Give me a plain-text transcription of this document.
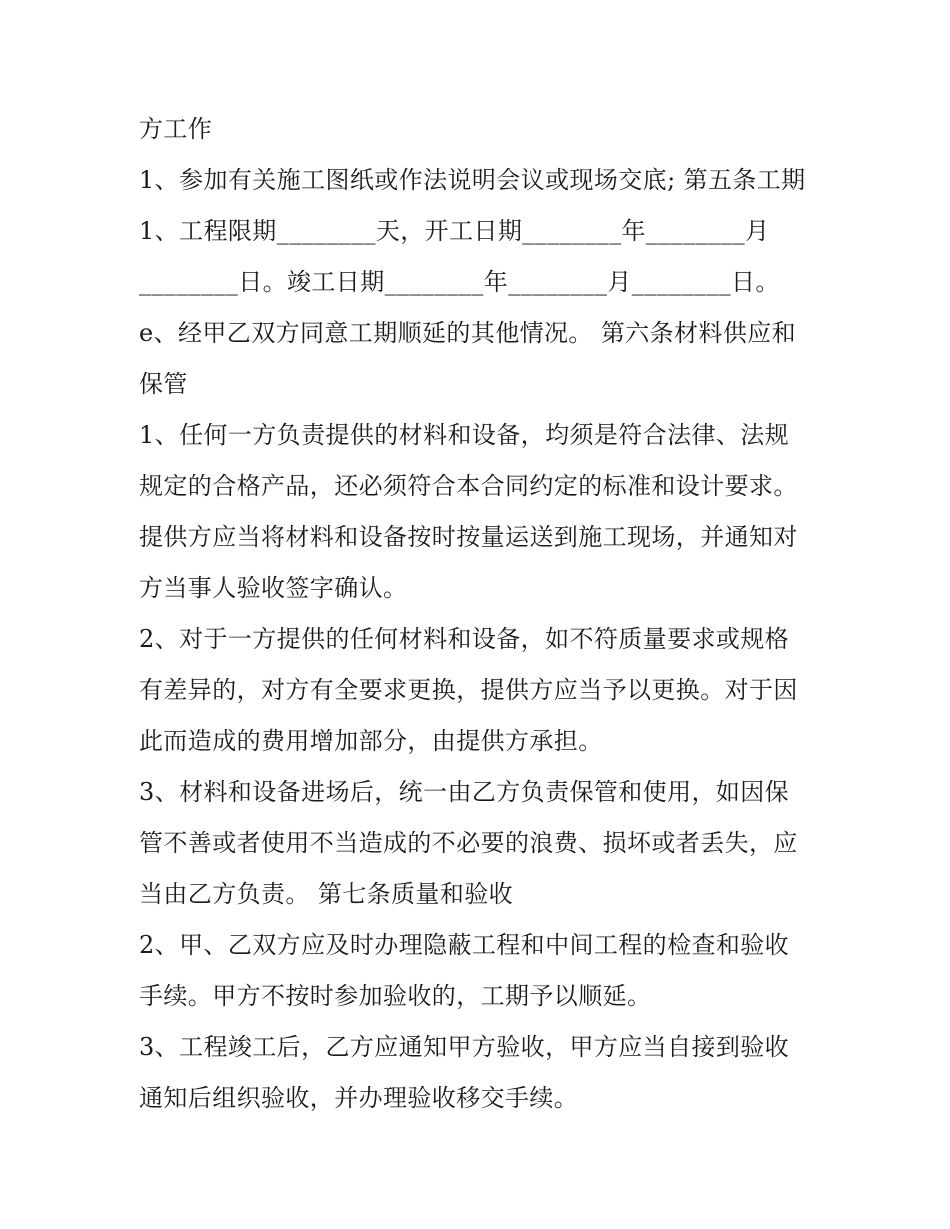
方工作
1、参加有关施工图纸或作法说明会议或现场交底; 第五条工期
1、工程限期________天，开工日期________年________月
________日。竣工日期________年________月________日。
e、经甲乙双方同意工期顺延的其他情况。 第六条材料供应和
保管
1、任何一方负责提供的材料和设备，均须是符合法律、法规
规定的合格产品，还必须符合本合同约定的标准和设计要求。
提供方应当将材料和设备按时按量运送到施工现场，并通知对
方当事人验收签字确认。
2、对于一方提供的任何材料和设备，如不符质量要求或规格
有差异的，对方有全要求更换，提供方应当予以更换。对于因
此而造成的费用增加部分，由提供方承担。
3、材料和设备进场后，统一由乙方负责保管和使用，如因保
管不善或者使用不当造成的不必要的浪费、损坏或者丢失，应
当由乙方负责。 第七条质量和验收
2、甲、乙双方应及时办理隐蔽工程和中间工程的检查和验收
手续。甲方不按时参加验收的，工期予以顺延。
3、工程竣工后，乙方应通知甲方验收，甲方应当自接到验收
通知后组织验收，并办理验收移交手续。
